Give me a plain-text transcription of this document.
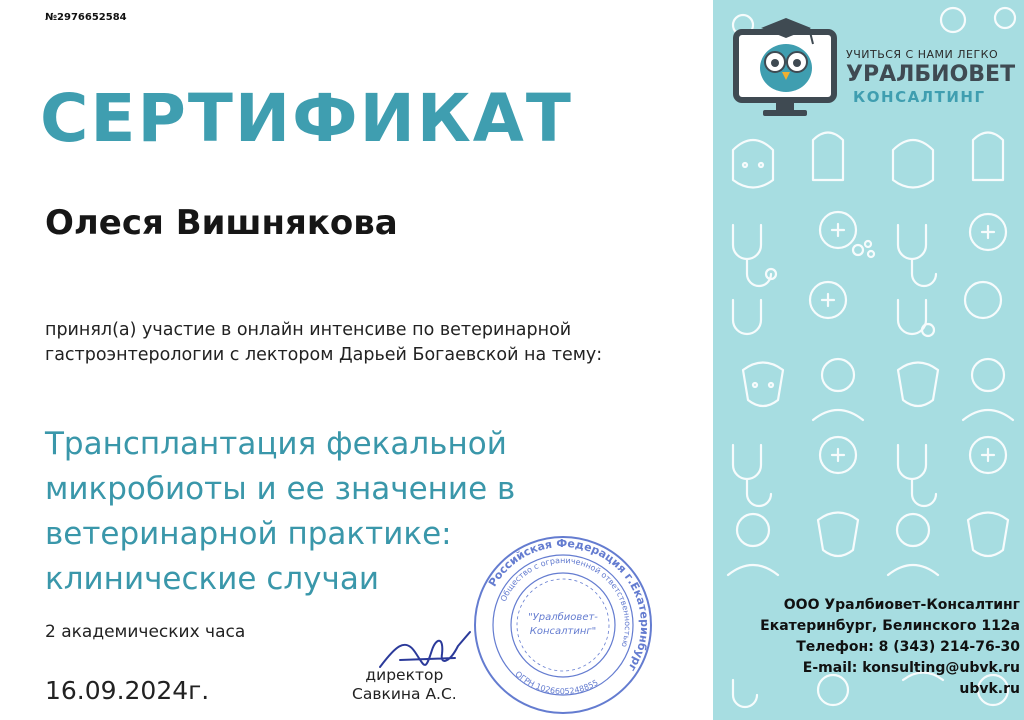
№2976652584
СЕРТИФИКАТ
Олеся Вишнякова
принял(а) участие в онлайн интенсиве по ветеринарной гастроэнтерологии с лектором Дарьей Богаевской на тему:
Трансплантация фекальной
микробиоты и ее значение в
ветеринарной практике:
клинические случаи
2 академических часа
16.09.2024г.
Российская Федерация г.Екатеринбург
Общество с ограниченной ответственностью
ОГРН 1026605248855
"Уралбиовет-
Консалтинг"
директор
Савкина А.С.
УЧИТЬСЯ С НАМИ ЛЕГКО
УРАЛБИОВЕТ
КОНСАЛТИНГ
ООО Уралбиовет-Консалтинг
Екатеринбург, Белинского 112а
Телефон: 8 (343) 214-76-30
E-mail: konsulting@ubvk.ru
ubvk.ru
